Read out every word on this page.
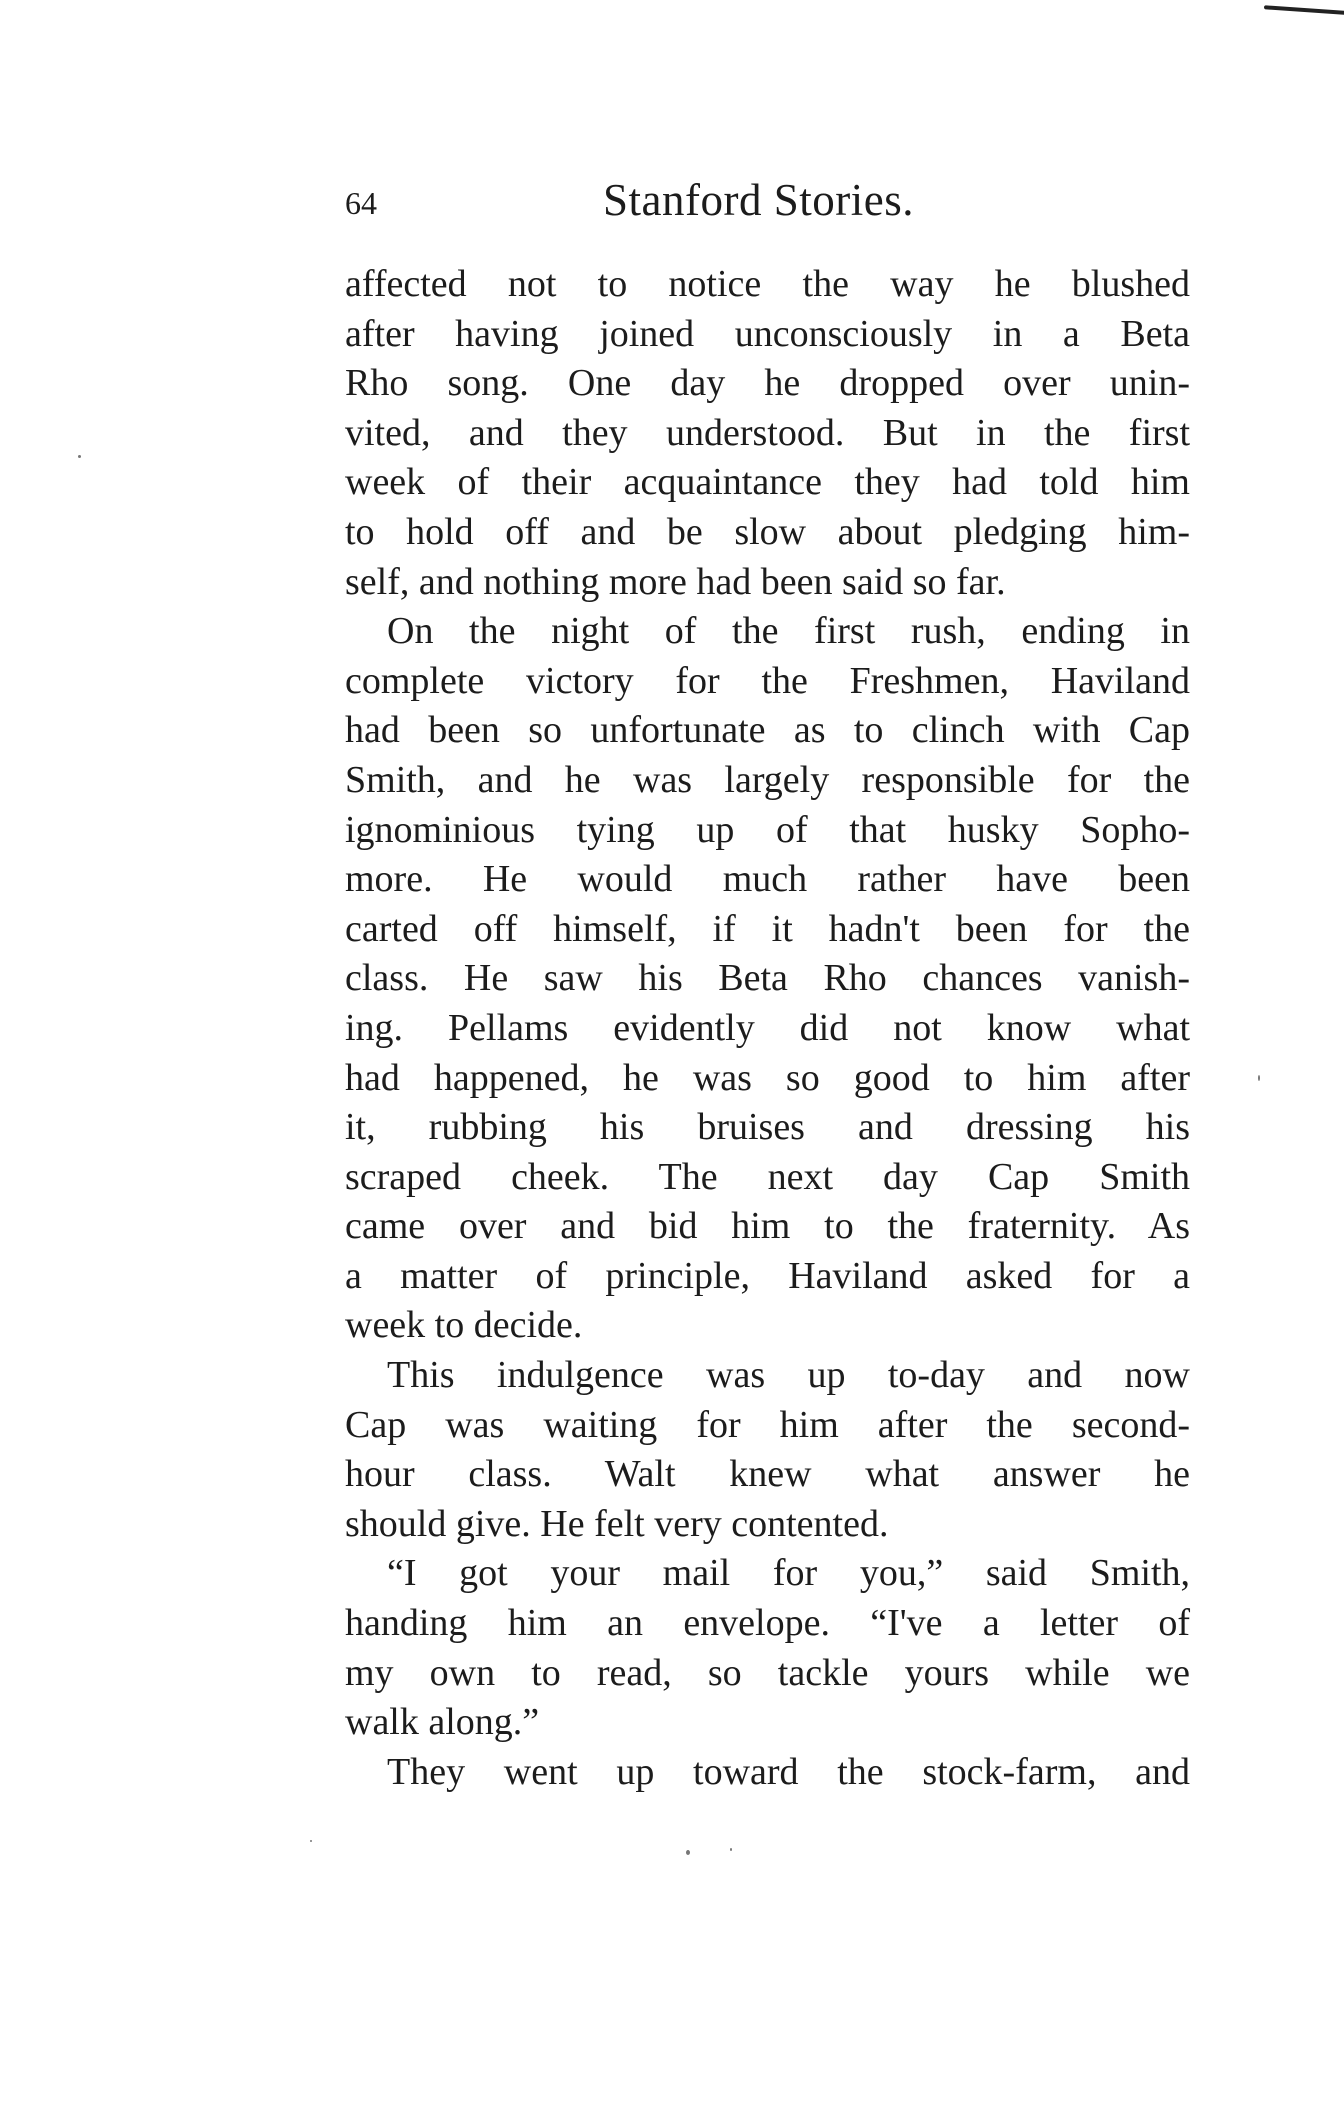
64	Stanford Stories.
affected not to notice the way he blushed
after having joined unconsciously in a Beta
Rho song. One day he dropped over unin-
vited, and they understood. But in the first
week of their acquaintance they had told him
to hold off and be slow about pledging him-
self, and nothing more had been said so far.
On the night of the first rush, ending in
complete victory for the Freshmen, Haviland
had been so unfortunate as to clinch with Cap
Smith, and he was largely responsible for the
ignominious tying up of that husky Sopho-
more. He would much rather have been
carted off himself, if it hadn't been for the
class. He saw his Beta Rho chances vanish-
ing. Pellams evidently did not know what
had happened, he was so good to him after
it, rubbing his bruises and dressing his
scraped cheek. The next day Cap Smith
came over and bid him to the fraternity. As
a matter of principle, Haviland asked for a
week to decide.
This indulgence was up to-day and now
Cap was waiting for him after the second-
hour class. Walt knew what answer he
should give. He felt very contented.
“I got your mail for you,” said Smith,
handing him an envelope. “I've a letter of
my own to read, so tackle yours while we
walk along.”
They went up toward the stock-farm, and
